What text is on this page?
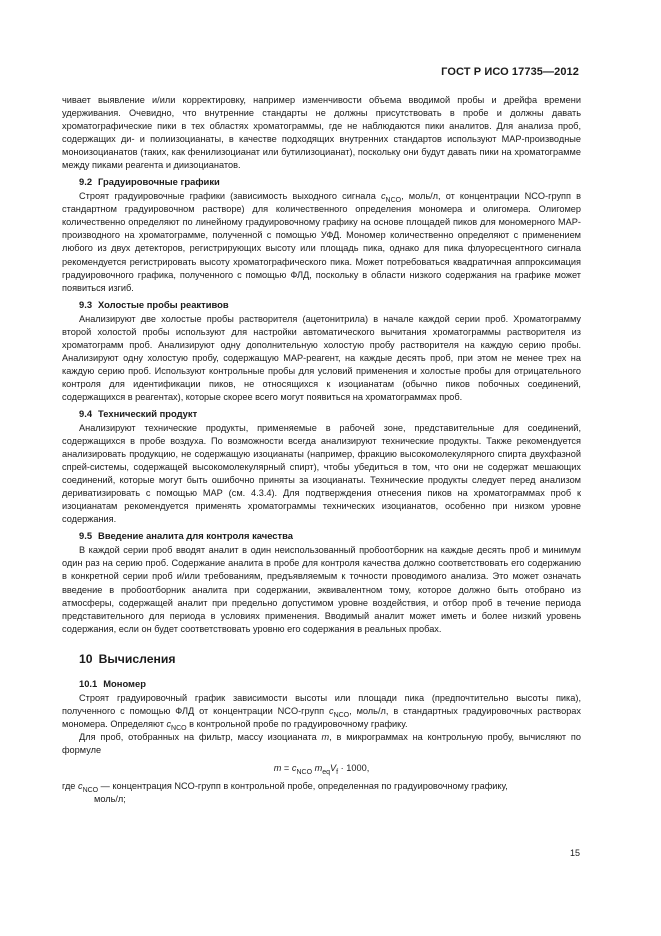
ГОСТ Р ИСО 17735—2012

чивает выявление и/или корректировку, например изменчивости объема вводимой пробы и дрейфа времени удерживания. Очевидно, что внутренние стандарты не должны присутствовать в пробе и должны давать хроматографические пики в тех областях хроматограммы, где не наблюдаются пики аналитов. Для анализа проб, содержащих ди- и полиизоцианаты, в качестве подходящих внутренних стандартов используют МАР-производные моноизоцианатов (таких, как фенилизоцианат или бутилизоцианат), поскольку они будут давать пики на хроматограмме между пиками реагента и диизоцианатов.

9.2 Градуировочные графики

Строят градуировочные графики (зависимость выходного сигнала $c_{NCO}$, моль/л, от концентрации NCO-групп в стандартном градуировочном растворе) для количественного определения мономера и олигомера. Олигомер количественно определяют по линейному градуировочному графику на основе площадей пиков для мономерного МАР-производного на хроматограмме, полученной с помощью УФД. Мономер количественно определяют с применением любого из двух детекторов, регистрирующих высоту или площадь пика, однако для пика флуоресцентного сигнала рекомендуется регистрировать высоту хроматографического пика. Может потребоваться квадратичная аппроксимация градуировочного графика, полученного с помощью ФЛД, поскольку в области низкого содержания на графике может появиться изгиб.

9.3 Холостые пробы реактивов

Анализируют две холостые пробы растворителя (ацетонитрила) в начале каждой серии проб. Хроматограмму второй холостой пробы используют для настройки автоматического вычитания хроматограммы растворителя из хроматограмм проб. Анализируют одну дополнительную холостую пробу растворителя на каждую серию пробы. Анализируют одну холостую пробу, содержащую МАР-реагент, на каждые десять проб, при этом не менее трех на каждую серию проб. Используют контрольные пробы для условий применения и холостые пробы для отрицательного контроля для идентификации пиков, не относящихся к изоцианатам (обычно пиков побочных соединений, содержащихся в реагентах), которые скорее всего могут появиться на хроматограммах проб.

9.4 Технический продукт

Анализируют технические продукты, применяемые в рабочей зоне, представительные для соединений, содержащихся в пробе воздуха. По возможности всегда анализируют технические продукты. Также рекомендуется анализировать продукцию, не содержащую изоцианаты (например, фракцию высокомолекулярного спирта двухфазной спрей-системы, содержащей высокомолекулярный спирт), чтобы убедиться в том, что они не содержат мешающих соединений, которые могут быть ошибочно приняты за изоцианаты. Технические продукты следует перед анализом дериватизировать с помощью МАР (см. 4.3.4). Для подтверждения отнесения пиков на хроматограммах проб к изоцианатам рекомендуется применять хроматограммы технических изоцианатов, особенно при низком уровне содержания.

9.5 Введение аналита для контроля качества

В каждой серии проб вводят аналит в один неиспользованный пробоотборник на каждые десять проб и минимум один раз на серию проб. Содержание аналита в пробе для контроля качества должно соответствовать его содержанию в конкретной серии проб и/или требованиям, предъявляемым к точности проводимого анализа. Это может означать введение в пробоотборник аналита при содержании, эквивалентном тому, которое должно быть отобрано из атмосферы, содержащей аналит при предельно допустимом уровне воздействия, и отбор проб в течение периода представительного для периода в условиях применения. Вводимый аналит может иметь и более низкий уровень содержания, если он будет соответствовать уровню его содержания в реальных пробах.

10 Вычисления
10.1 Мономер

Строят градуировочный график зависимости высоты или площади пика (предпочтительно высоты пика), полученного с помощью ФЛД от концентрации NCO-групп $c_{NCO}$, моль/л, в стандартных градуировочных растворах мономера. Определяют $c_{NCO}$ в контрольной пробе по градуировочному графику.

Для проб, отобранных на фильтр, массу изоцианата m, в микрограммах на контрольную пробу, вычисляют по формуле

$m = c_{NCO}$ $m_{eq}V_f \cdot 1000$,

где $c_{NCO}$ — концентрация NCO-групп в контрольной пробе, определенная по градуировочному графику,

моль/л;

15
